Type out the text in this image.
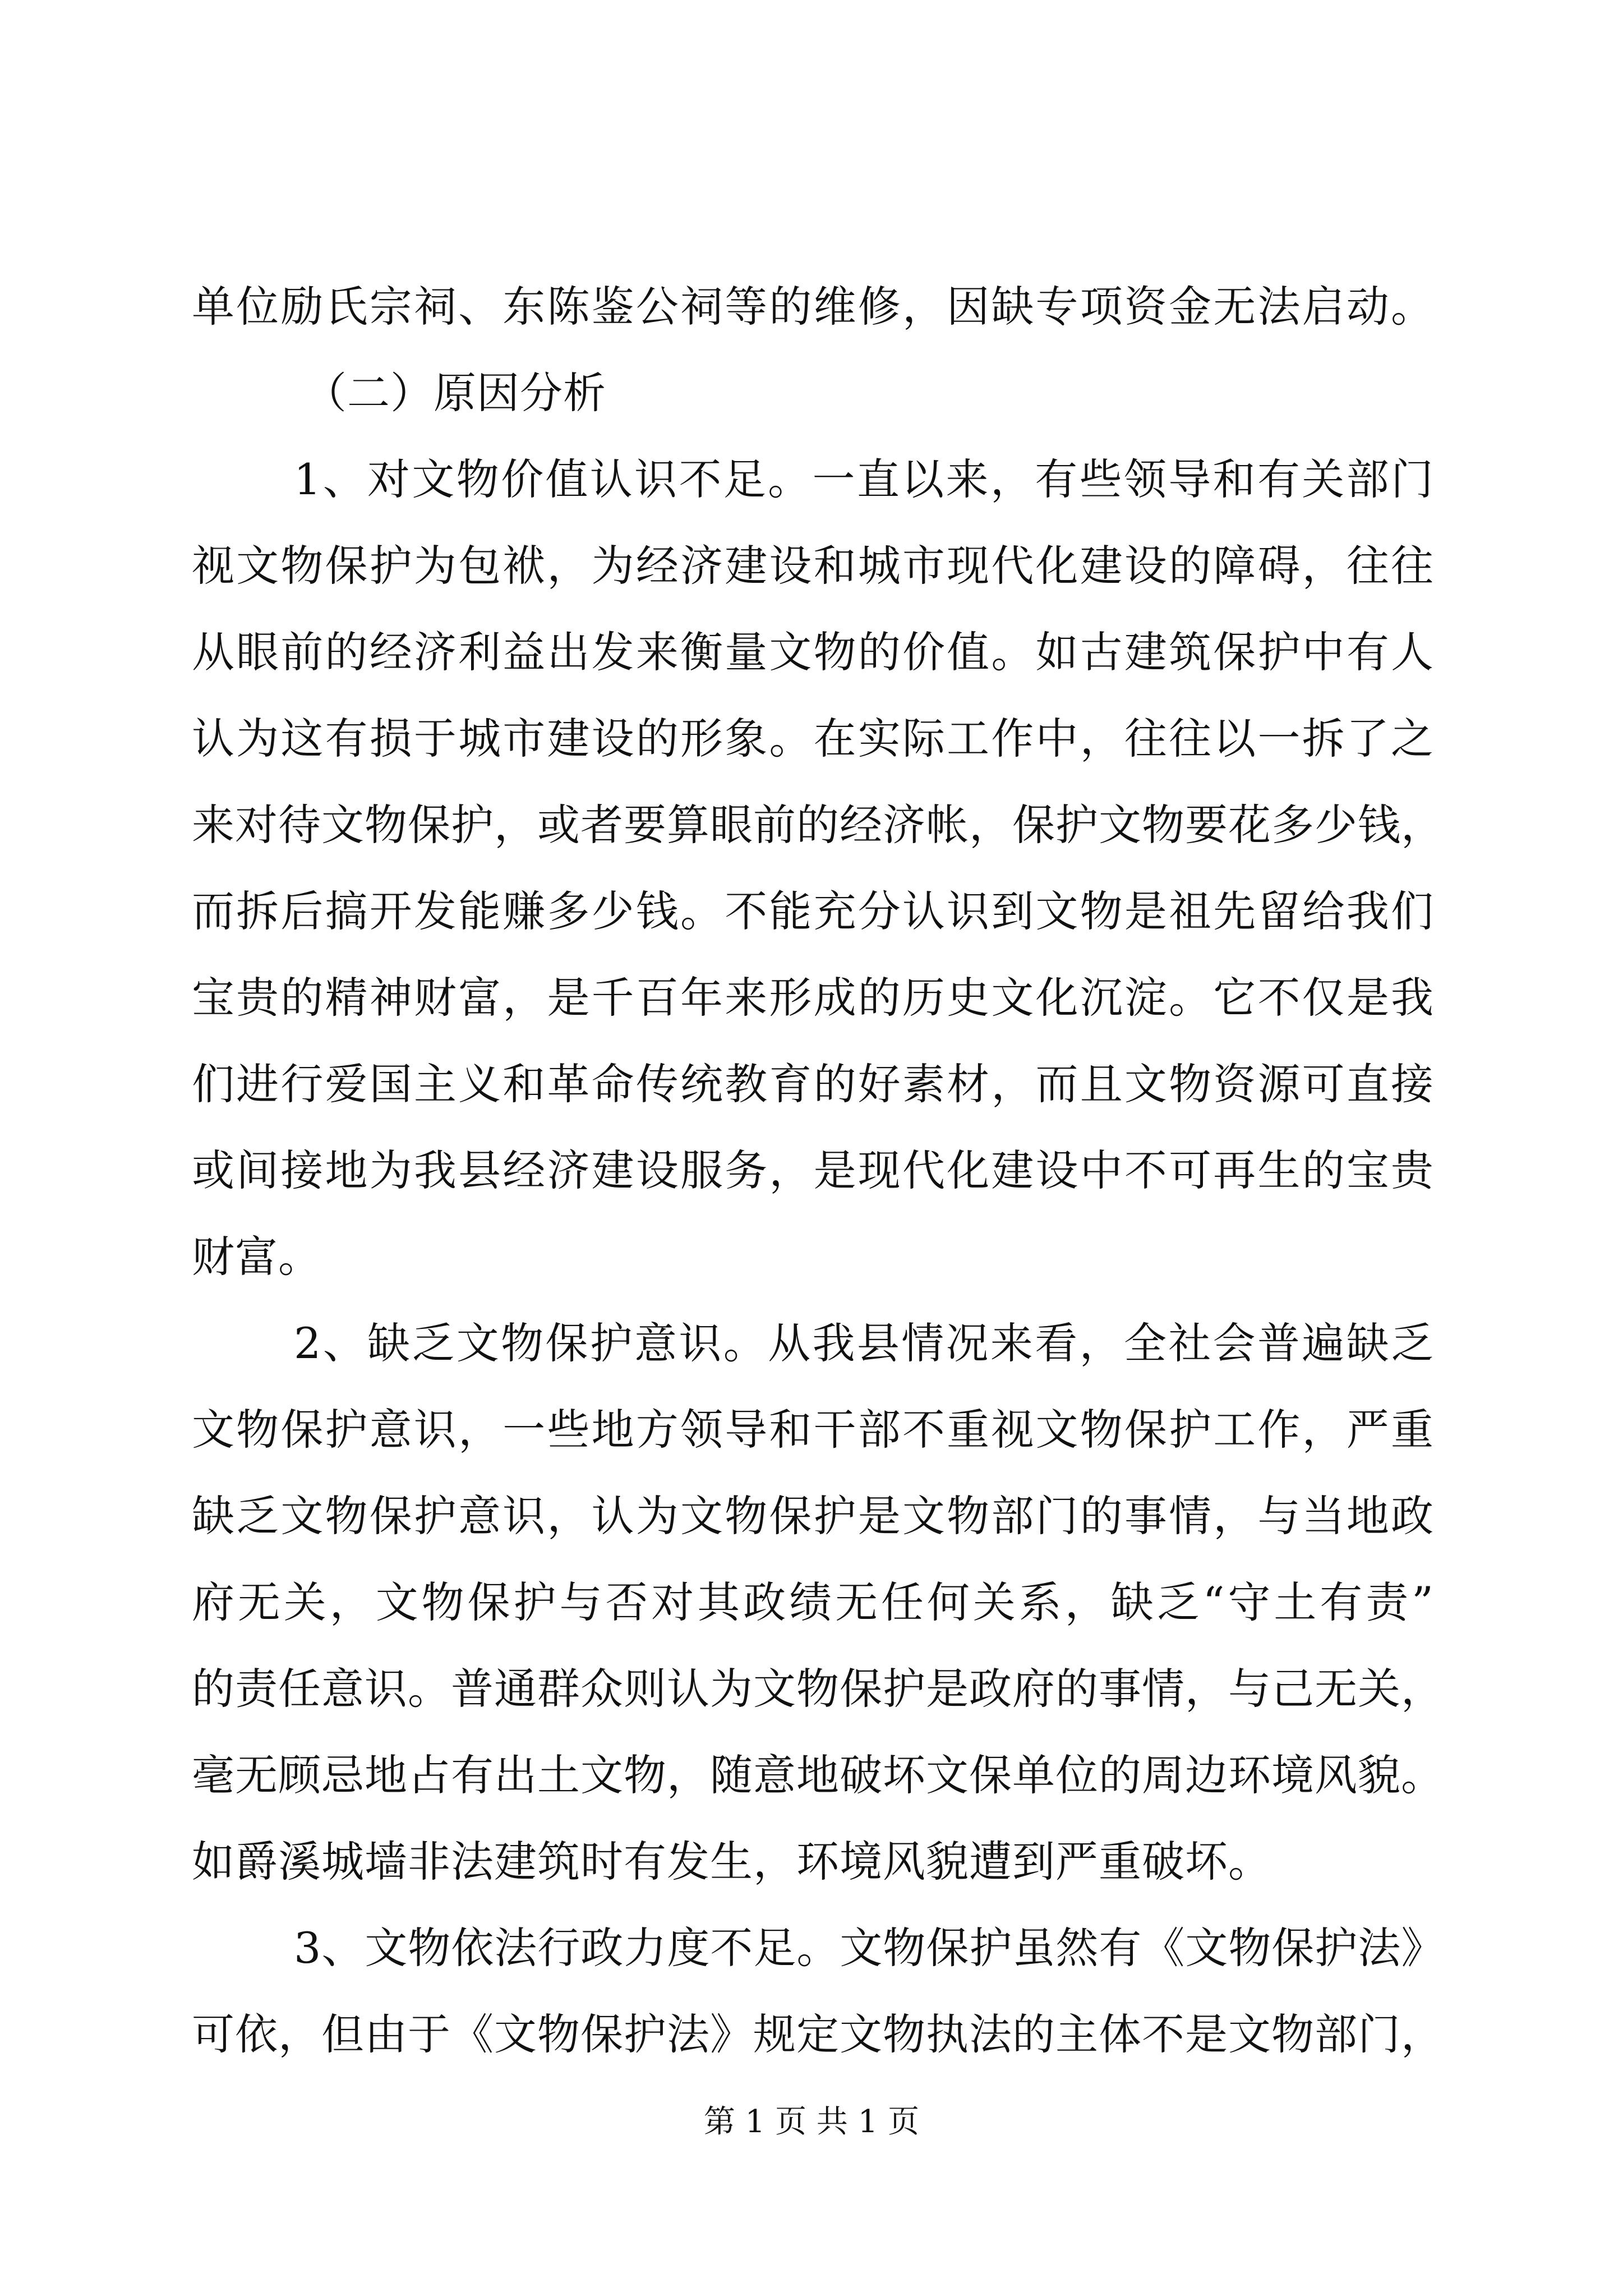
单位励氏宗祠、东陈鉴公祠等的维修，因缺专项资金无法启动。
（二）原因分析
1、对文物价值认识不足。一直以来，有些领导和有关部门
视文物保护为包袱，为经济建设和城市现代化建设的障碍，往往
从眼前的经济利益出发来衡量文物的价值。如古建筑保护中有人
认为这有损于城市建设的形象。在实际工作中，往往以一拆了之
来对待文物保护，或者要算眼前的经济帐，保护文物要花多少钱，
而拆后搞开发能赚多少钱。不能充分认识到文物是祖先留给我们
宝贵的精神财富，是千百年来形成的历史文化沉淀。它不仅是我
们进行爱国主义和革命传统教育的好素材，而且文物资源可直接
或间接地为我县经济建设服务，是现代化建设中不可再生的宝贵
财富。
2、缺乏文物保护意识。从我县情况来看，全社会普遍缺乏
文物保护意识，一些地方领导和干部不重视文物保护工作，严重
缺乏文物保护意识，认为文物保护是文物部门的事情，与当地政
府无关，文物保护与否对其政绩无任何关系，缺乏“守土有责”
的责任意识。普通群众则认为文物保护是政府的事情，与己无关，
毫无顾忌地占有出土文物，随意地破坏文保单位的周边环境风貌。
如爵溪城墙非法建筑时有发生，环境风貌遭到严重破坏。
3、文物依法行政力度不足。文物保护虽然有《文物保护法》
可依，但由于《文物保护法》规定文物执法的主体不是文物部门，
第 1 页 共 1 页
